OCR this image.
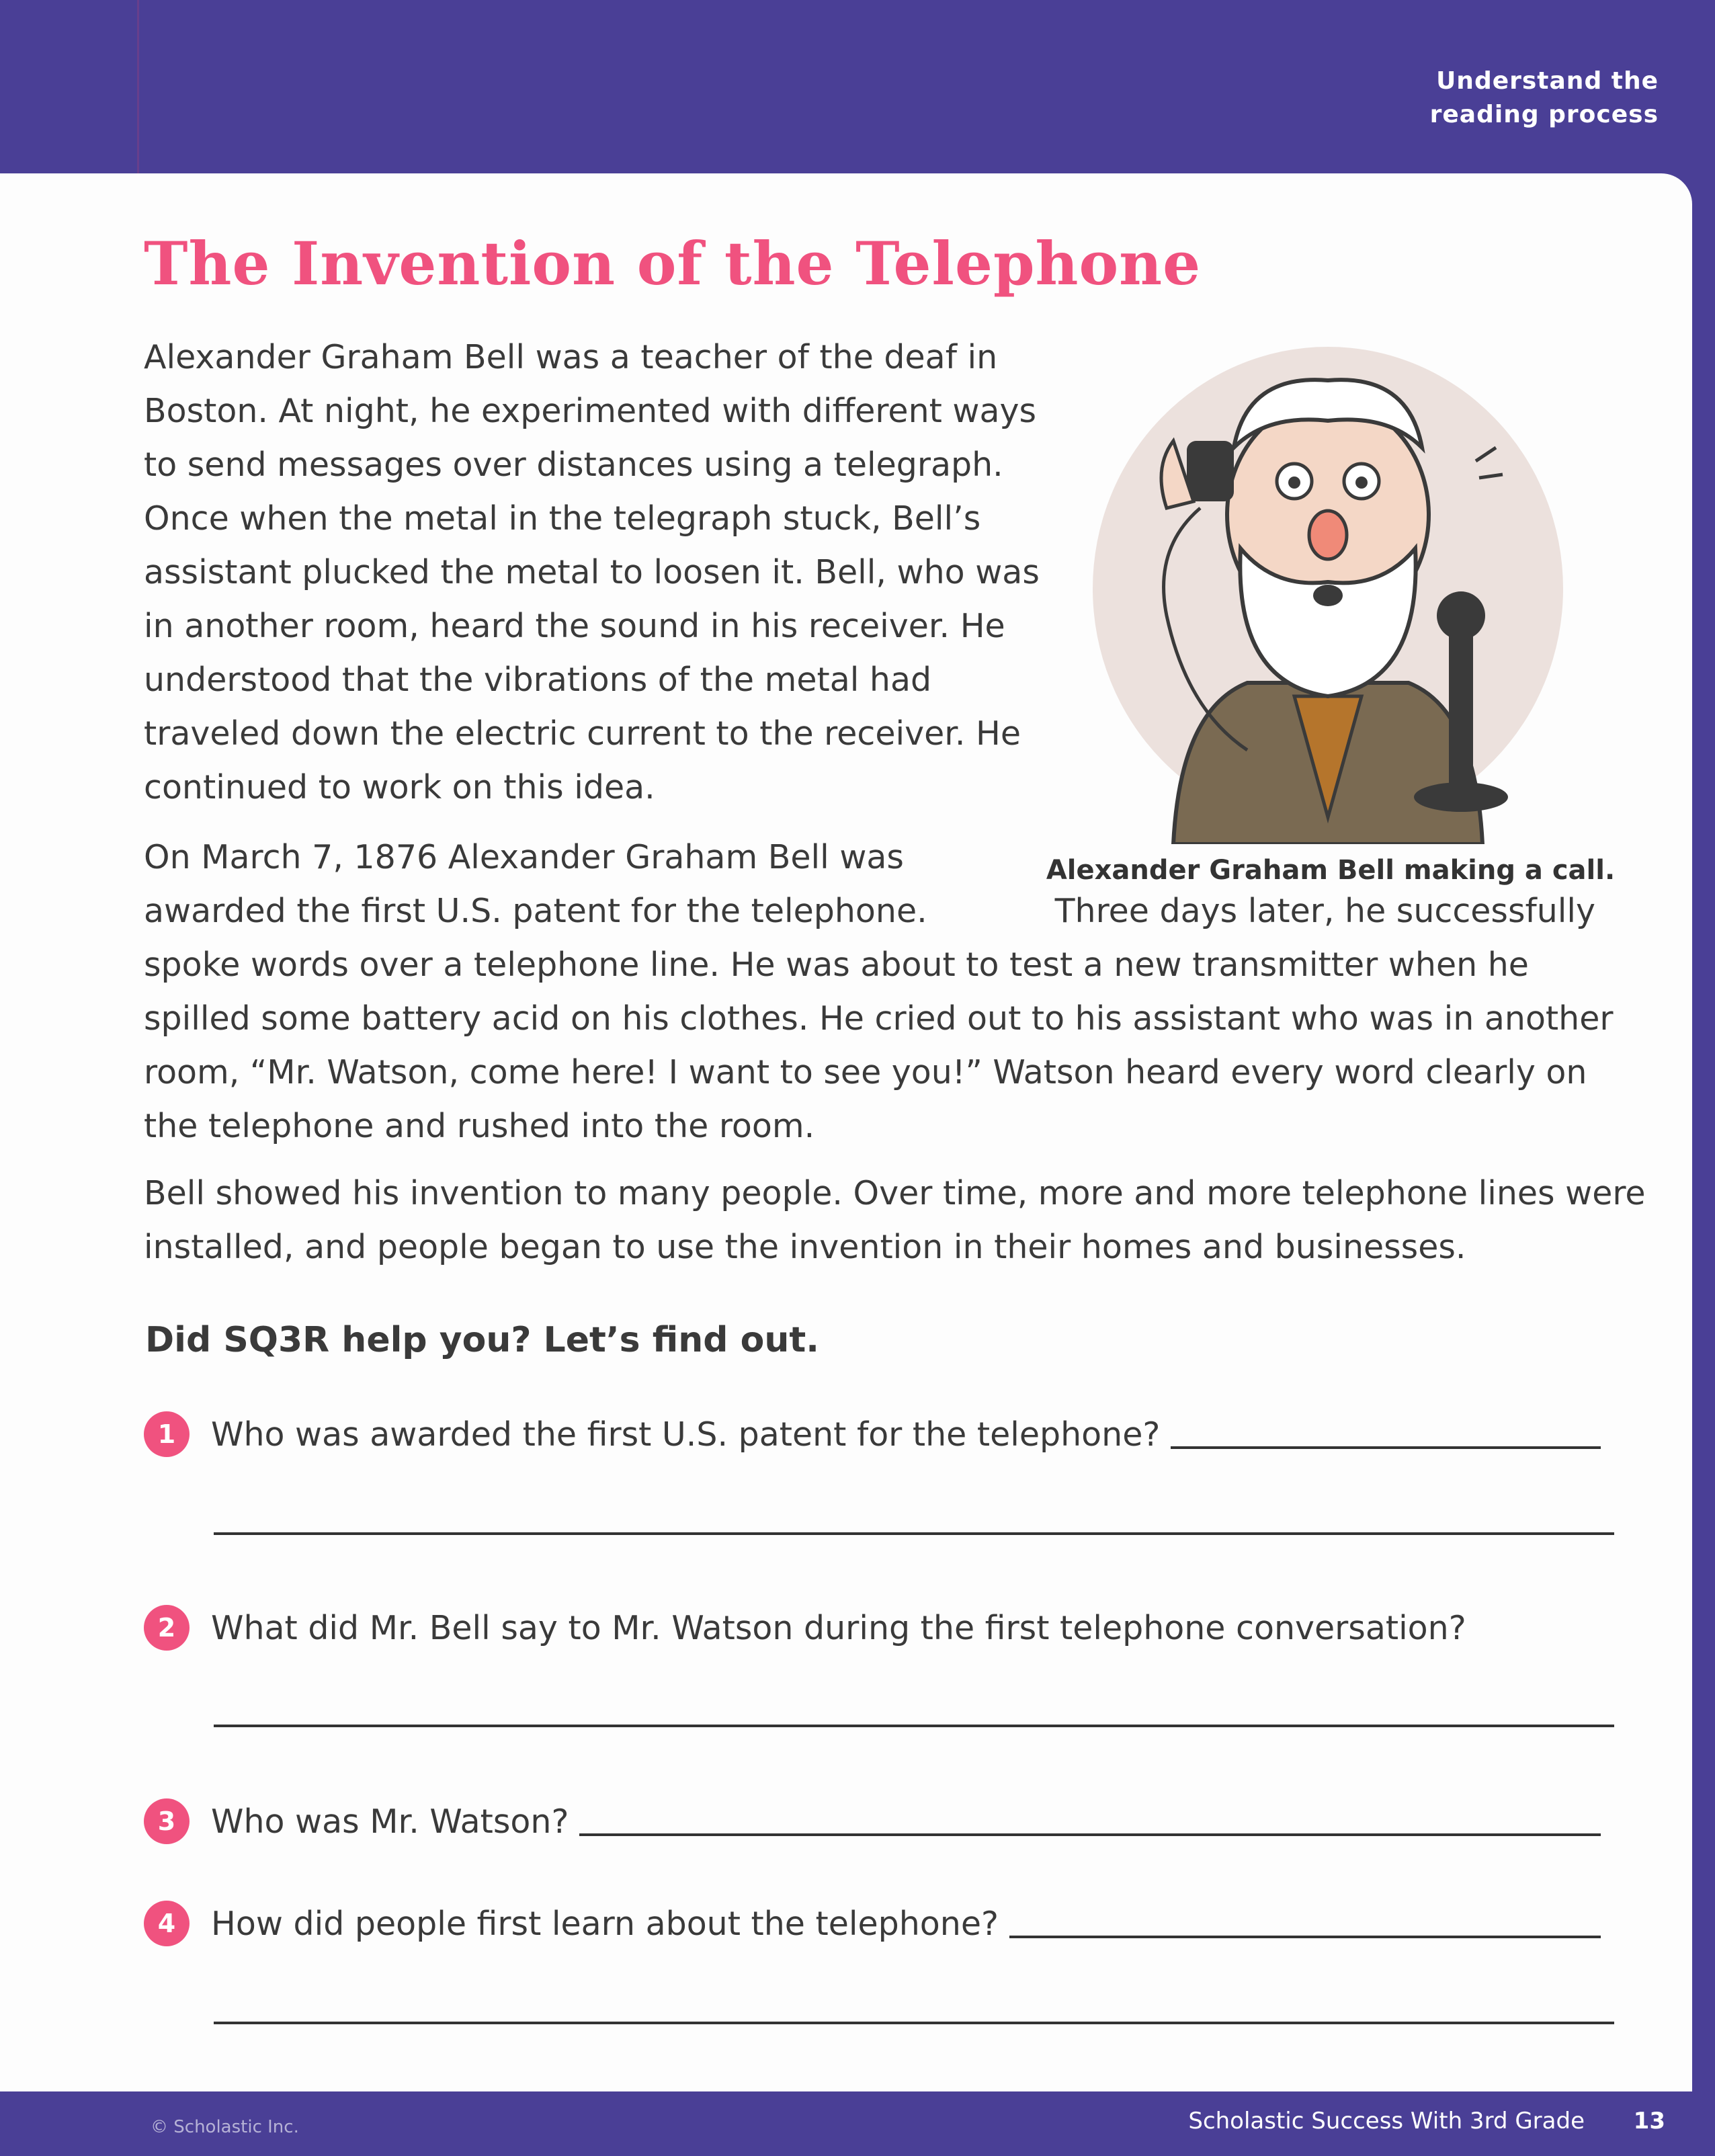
Understand the
reading process
The Invention of the Telephone

Alexander Graham Bell was a teacher of the deaf in Boston. At night, he experimented with different ways to send messages over distances using a telegraph. Once when the metal in the telegraph stuck, Bell’s assistant plucked the metal to loosen it. Bell, who was in another room, heard the sound in his receiver. He understood that the vibrations of the metal had traveled down the electric current to the receiver. He continued to work on this idea.

On March 7, 1876 Alexander Graham Bell was awarded the first U.S. patent for the telephone.	Three days later, he successfully spoke words over a telephone line. He was about to test a new transmitter when he spilled some battery acid on his clothes. He cried out to his assistant who was in another room, “Mr. Watson, come here! I want to see you!” Watson heard every word clearly on the telephone and rushed into the room.

Bell showed his invention to many people. Over time, more and more telephone lines were installed, and people began to use the invention in their homes and businesses.

Alexander Graham Bell making a call.
Did SQ3R help you? Let’s find out.
1	Who was awarded the first U.S. patent for the telephone?
2	What did Mr. Bell say to Mr. Watson during the first telephone conversation?
3	Who was Mr. Watson?
4	How did people first learn about the telephone?
© Scholastic Inc.	Scholastic Success With 3rd Grade 13
